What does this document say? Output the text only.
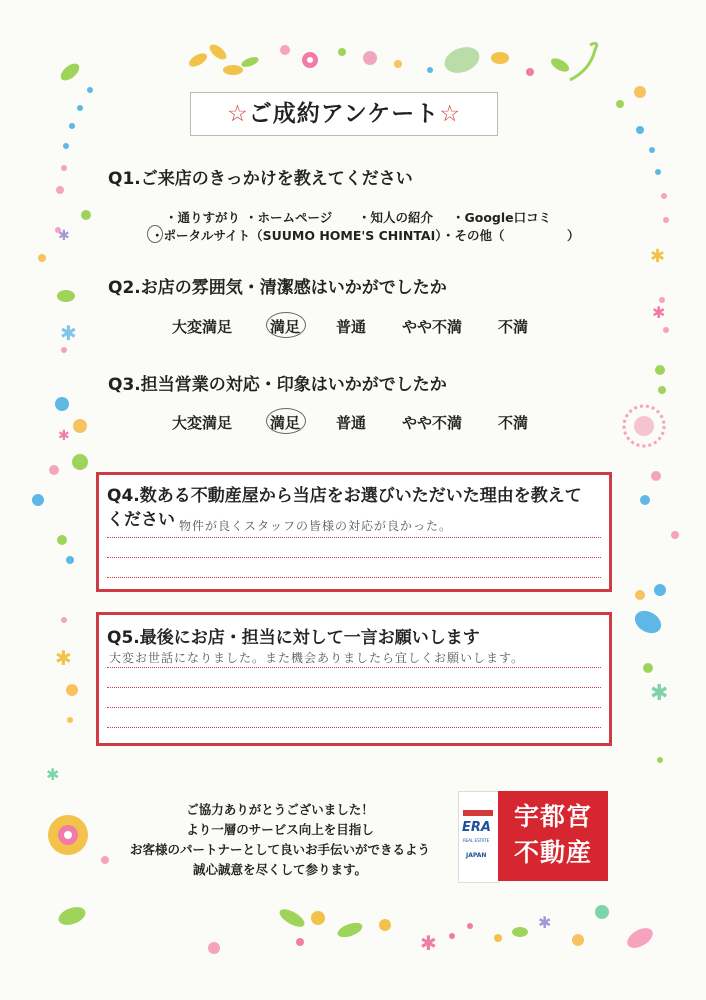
✱
✱
✱
✱
✱
✱
✱
✱
✱
✱
☆ご成約アンケート☆
Q1.ご来店のきっかけを教えてください
・通りすがり ・ホームページ ・知人の紹介 ・Google口コミ
・ポータルサイト（SUUMO HOME'S CHINTAI）
・その他（　　　　　）
Q2.お店の雰囲気・清潔感はいかがでしたか
大変満足	満足 普通 やや不満 不満
Q3.担当営業の対応・印象はいかがでしたか
大変満足	満足 普通 やや不満 不満
Q4.数ある不動産屋から当店をお選びいただいた理由を教えて
ください 物件が良くスタッフの皆様の対応が良かった。
Q5.最後にお店・担当に対して一言お願いします
大変お世話になりました。また機会ありましたら宜しくお願いします。
ご協力ありがとうございました！
より一層のサービス向上を目指し
お客様のパートナーとして良いお手伝いができるよう
誠心誠意を尽くして参ります。
ERA
REAL ESTATE
JAPAN
宇都宮
不動産
